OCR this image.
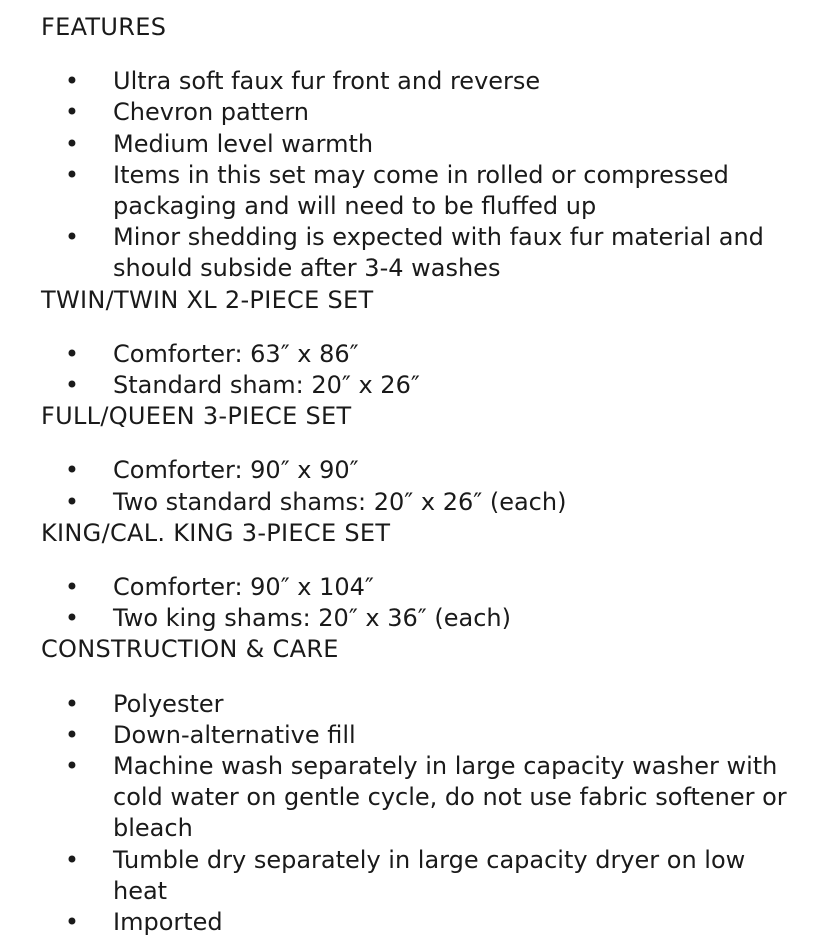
FEATURES
• Ultra soft faux fur front and reverse
• Chevron pattern
• Medium level warmth
• Items in this set may come in rolled or compressed packaging and will need to be fluffed up
• Minor shedding is expected with faux fur material and should subside after 3-4 washes
TWIN/TWIN XL 2-PIECE SET
• Comforter: 63″ x 86″
• Standard sham: 20″ x 26″
FULL/QUEEN 3-PIECE SET
• Comforter: 90″ x 90″
• Two standard shams: 20″ x 26″ (each)
KING/CAL. KING 3-PIECE SET
• Comforter: 90″ x 104″
• Two king shams: 20″ x 36″ (each)
CONSTRUCTION & CARE
• Polyester
• Down-alternative fill
• Machine wash separately in large capacity washer with cold water on gentle cycle, do not use fabric softener or bleach
• Tumble dry separately in large capacity dryer on low heat
• Imported
